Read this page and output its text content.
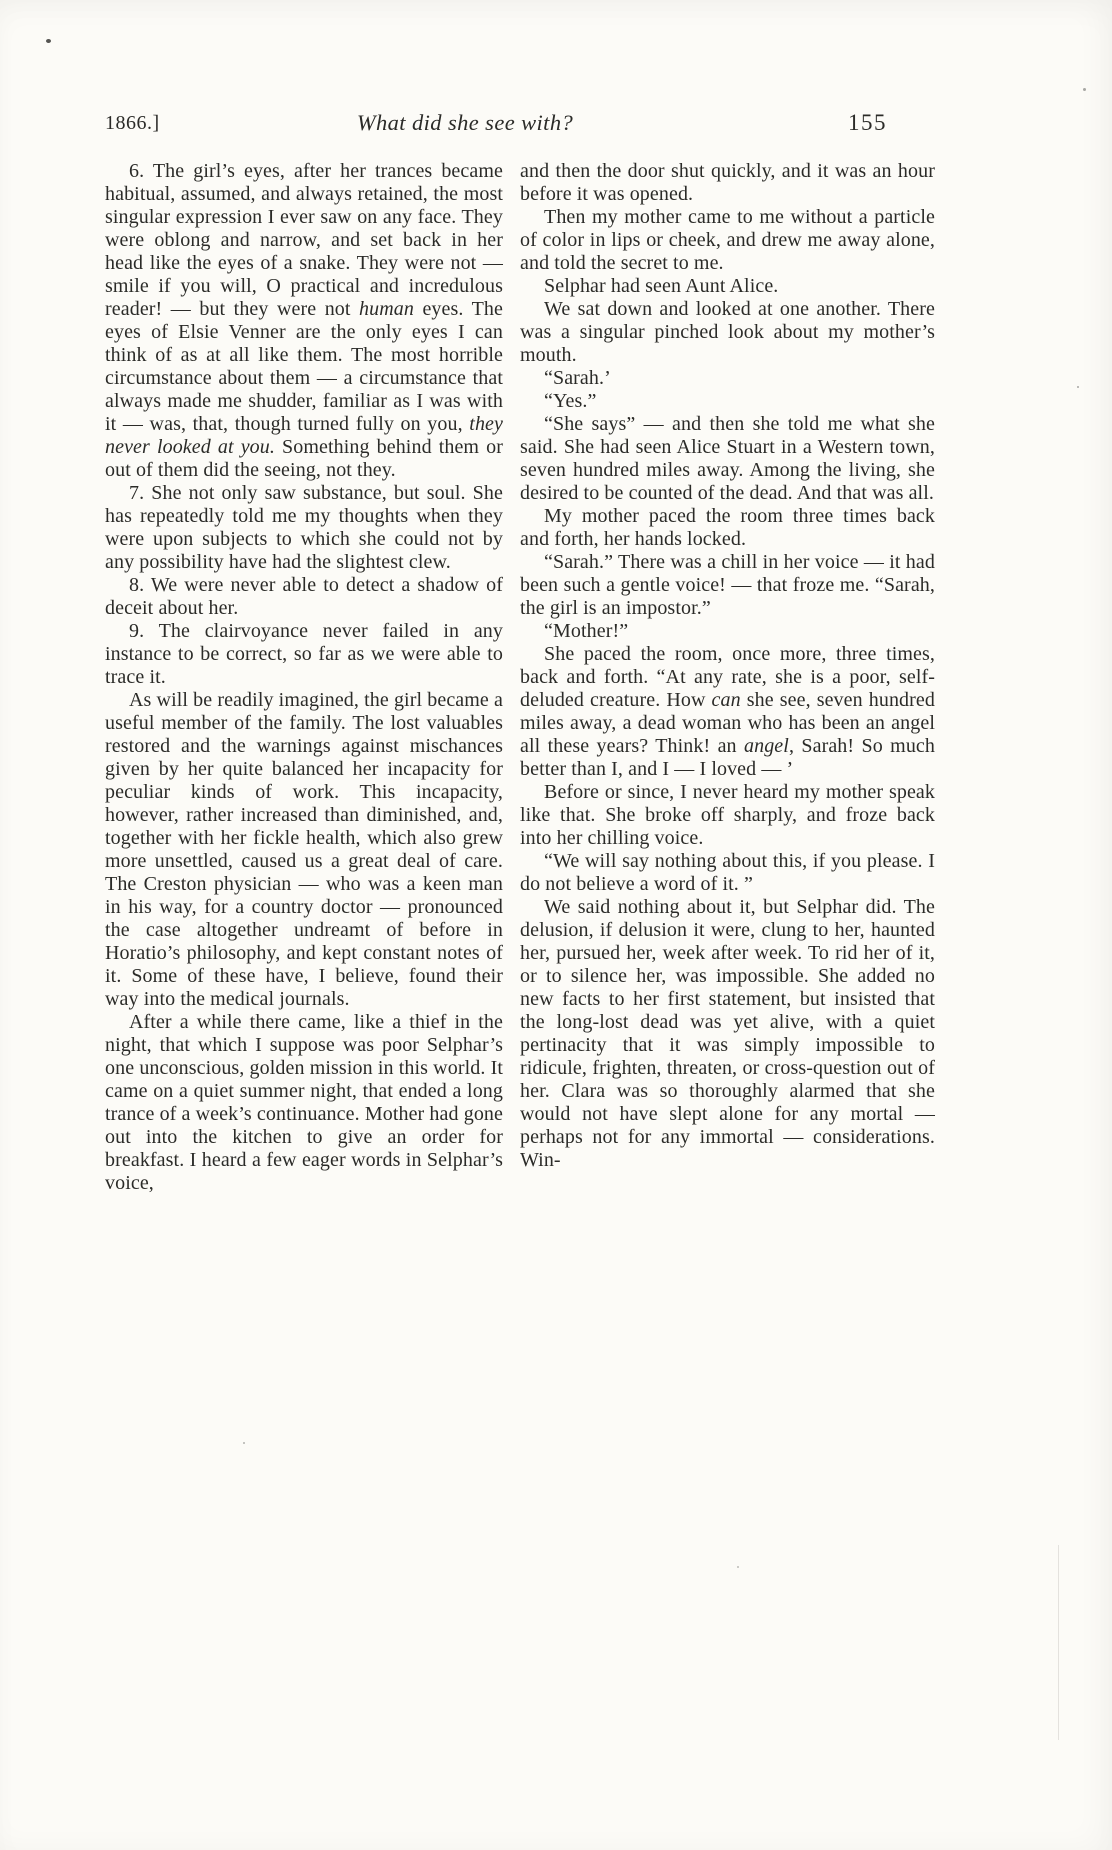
1866.]	What did she see with?	155

6. The girl’s eyes, after her trances became habitual, assumed, and always retained, the most singular expression I ever saw on any face. They were oblong and narrow, and set back in her head like the eyes of a snake. They were not — smile if you will, O practical and incredulous reader! — but they were not human eyes. The eyes of Elsie Venner are the only eyes I can think of as at all like them. The most horrible circumstance about them — a circumstance that always made me shudder, familiar as I was with it — was, that, though turned fully on you, they never looked at you. Something behind them or out of them did the seeing, not they.

7. She not only saw substance, but soul. She has repeatedly told me my thoughts when they were upon subjects to which she could not by any possibility have had the slightest clew.

8. We were never able to detect a shadow of deceit about her.

9. The clairvoyance never failed in any instance to be correct, so far as we were able to trace it.

As will be readily imagined, the girl became a useful member of the family. The lost valuables restored and the warnings against mischances given by her quite balanced her incapacity for peculiar kinds of work. This incapacity, however, rather increased than diminished, and, together with her fickle health, which also grew more unsettled, caused us a great deal of care. The Creston physician — who was a keen man in his way, for a country doctor — pronounced the case altogether undreamt of before in Horatio’s philosophy, and kept constant notes of it. Some of these have, I believe, found their way into the medical journals.

After a while there came, like a thief in the night, that which I suppose was poor Selphar’s one unconscious, golden mission in this world. It came on a quiet summer night, that ended a long trance of a week’s continuance. Mother had gone out into the kitchen to give an order for breakfast. I heard a few eager words in Selphar’s voice,

and then the door shut quickly, and it was an hour before it was opened.

Then my mother came to me without a particle of color in lips or cheek, and drew me away alone, and told the secret to me.

Selphar had seen Aunt Alice.

We sat down and looked at one another. There was a singular pinched look about my mother’s mouth.

“Sarah.’

“Yes.”

“She says” — and then she told me what she said. She had seen Alice Stuart in a Western town, seven hundred miles away. Among the living, she desired to be counted of the dead. And that was all.

My mother paced the room three times back and forth, her hands locked.

“Sarah.” There was a chill in her voice — it had been such a gentle voice! — that froze me. “Sarah, the girl is an impostor.”

“Mother!”

She paced the room, once more, three times, back and forth. “At any rate, she is a poor, self-deluded creature. How can she see, seven hundred miles away, a dead woman who has been an angel all these years? Think! an angel, Sarah! So much better than I, and I — I loved — ’

Before or since, I never heard my mother speak like that. She broke off sharply, and froze back into her chilling voice.

“We will say nothing about this, if you please. I do not believe a word of it. ”

We said nothing about it, but Selphar did. The delusion, if delusion it were, clung to her, haunted her, pursued her, week after week. To rid her of it, or to silence her, was impossible. She added no new facts to her first statement, but insisted that the long-lost dead was yet alive, with a quiet pertinacity that it was simply impossible to ridicule, frighten, threaten, or cross-question out of her. Clara was so thoroughly alarmed that she would not have slept alone for any mortal — perhaps not for any immortal — considerations. Win-
